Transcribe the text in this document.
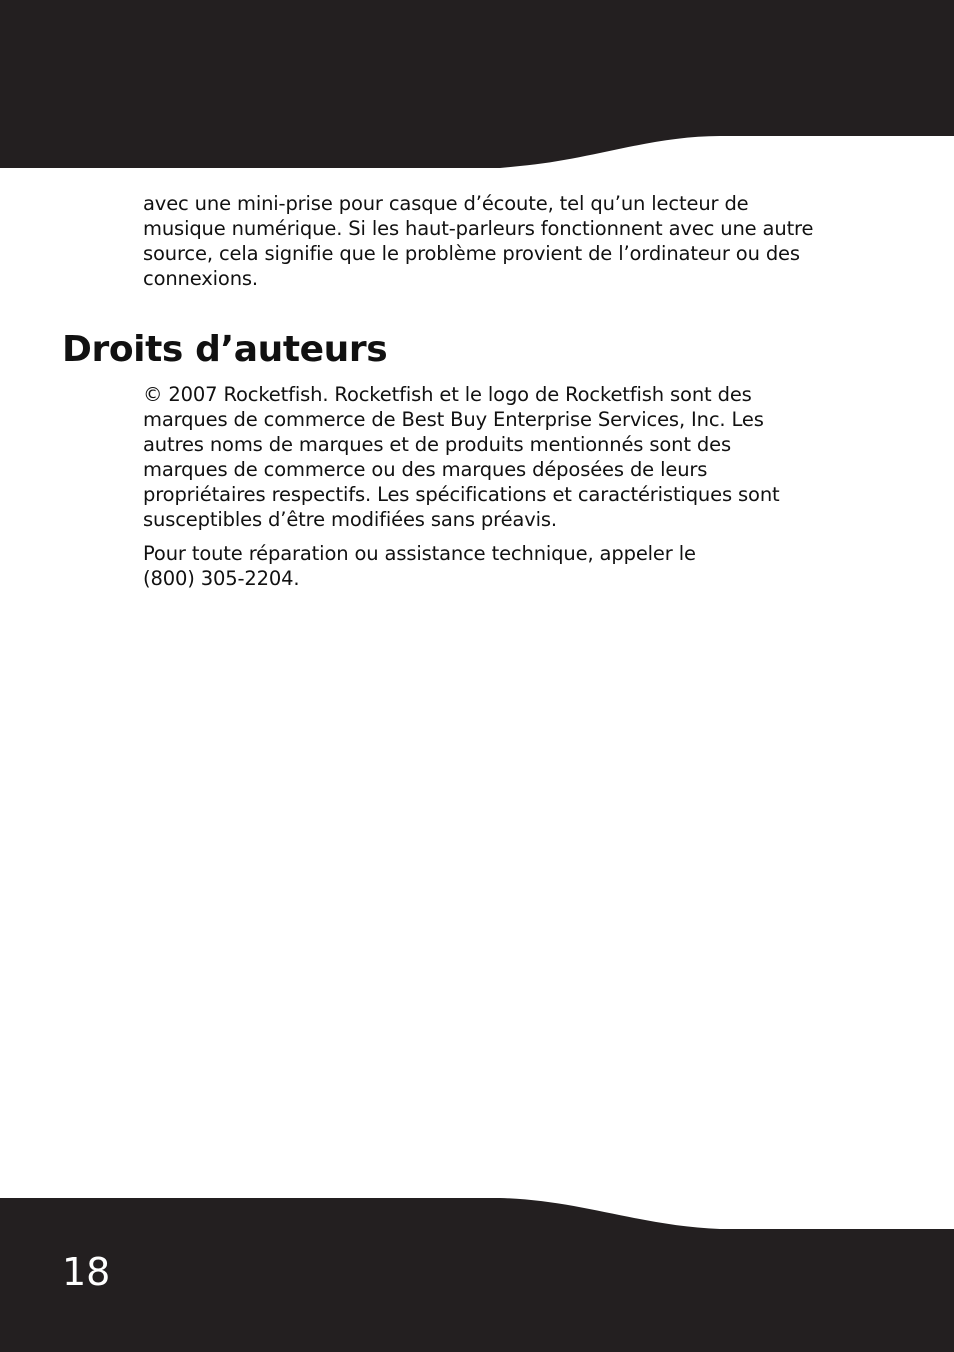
avec une mini-prise pour casque d’écoute, tel qu’un lecteur de
musique numérique. Si les haut-parleurs fonctionnent avec une autre
source, cela signifie que le problème provient de l’ordinateur ou des
connexions.

Droits d’auteurs

© 2007 Rocketfish. Rocketfish et le logo de Rocketfish sont des
marques de commerce de Best Buy Enterprise Services, Inc. Les
autres noms de marques et de produits mentionnés sont des
marques de commerce ou des marques déposées de leurs
propriétaires respectifs. Les spécifications et caractéristiques sont
susceptibles d’être modifiées sans préavis.

Pour toute réparation ou assistance technique, appeler le
(800) 305-2204.

18
